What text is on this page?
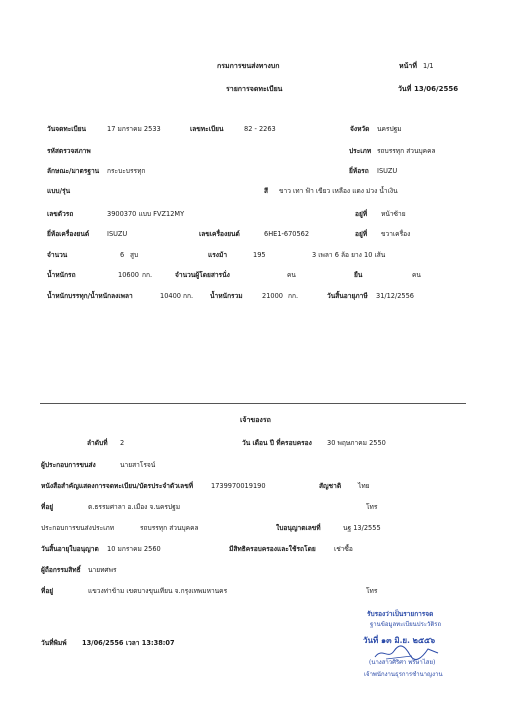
กรมการขนส่งทางบก	หน้าที่ 1/1
รายการจดทะเบียน	วันที่ 13/06/2556
วันจดทะเบียน	17 มกราคม 2533	เลขทะเบียน	82 - 2263	จังหวัด นครปฐม
รหัสตรวจสภาพ	ประเภท รถบรรทุก ส่วนบุคคล
ลักษณะ/มาตรฐาน กระบะบรรทุก	ยี่ห้อรถ ISUZU
แบบ/รุ่น	สี ขาว เทา ฟ้า เขียว เหลือง แดง ม่วง น้ำเงิน
เลขตัวรถ	3900370 แบบ FVZ12MY	อยู่ที่ หน้าซ้าย
ยี่ห้อเครื่องยนต์	ISUZU	เลขเครื่องยนต์	6HE1-670562	อยู่ที่ ขวาเครื่อง
จำนวน	6 สูบ	แรงม้า	195	3 เพลา 6 ล้อ ยาง 10 เส้น
น้ำหนักรถ	10600 กก.	จำนวนผู้โดยสารนั่ง	คน	ยืน	คน
น้ำหนักบรรทุก/น้ำหนักลงเพลา	10400 กก.	น้ำหนักรวม	21000 กก.	วันสิ้นอายุภาษี 31/12/2556
เจ้าของรถ
ลำดับที่ 2	วัน เดือน ปี ที่ครอบครอง 30 พฤษภาคม 2550
ผู้ประกอบการขนส่ง	นายสาโรจน์
หนังสือสำคัญแสดงการจดทะเบียน/บัตรประจำตัวเลขที่	1739970019190	สัญชาติ	ไทย
ที่อยู่	ต.ธรรมศาลา อ.เมือง จ.นครปฐม	โทร
ประกอบการขนส่งประเภท	รถบรรทุก ส่วนบุคคล	ใบอนุญาตเลขที่	นฐ 13/2555
วันสิ้นอายุใบอนุญาต 10 มกราคม 2560	มีสิทธิครอบครองและใช้รถโดย	เช่าซื้อ
ผู้ถือกรรมสิทธิ์ นายทศพร
ที่อยู่	แขวงท่าข้าม เขตบางขุนเทียน จ.กรุงเทพมหานคร	โทร
วันที่พิมพ์ 13/06/2556 เวลา 13:38:07
รับรองว่าเป็นรายการจด
ฐานข้อมูลทะเบียนประวัติรถ
วันที่ ๑๓ มิ.ย. ๒๕๕๖
(นางสาวศิริศา พริษาไสย)
เจ้าพนักงานธุรการชำนาญงาน
